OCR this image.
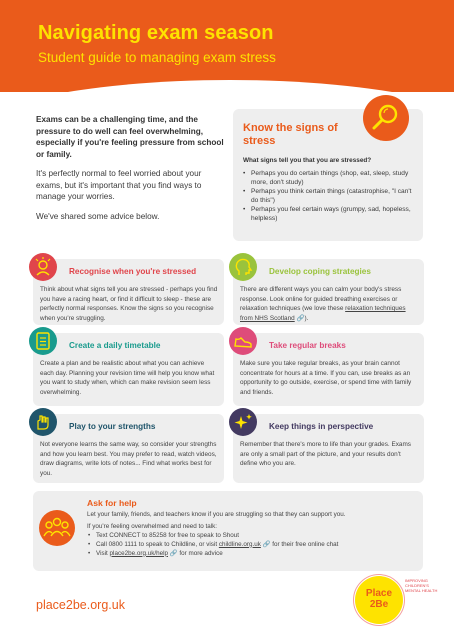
Navigating exam season
Student guide to managing exam stress

Exams can be a challenging time, and the pressure to do well can feel overwhelming, especially if you're feeling pressure from school or family.

It's perfectly normal to feel worried about your exams, but it's important that you find ways to manage your worries.

We've shared some advice below.

Know the signs of stress
What signs tell you that you are stressed?
• Perhaps you do certain things (shop, eat, sleep, study more, don't study)
• Perhaps you think certain things (catastrophise, "I can't do this")
• Perhaps you feel certain ways (grumpy, sad, hopeless, helpless)
Recognise when you're stressed
Think about what signs tell you are stressed - perhaps you find you have a racing heart, or find it difficult to sleep - these are perfectly normal responses. Know the signs so you recognise when you're struggling.
Develop coping strategies
There are different ways you can calm your body's stress response. Look online for guided breathing exercises or relaxation techniques (we love these relaxation techniques from NHS Scotland 🔗).
Create a daily timetable
Create a plan and be realistic about what you can achieve each day. Planning your revision time will help you know what you want to study when, which can make revision seem less overwhelming.
Take regular breaks
Make sure you take regular breaks, as your brain cannot concentrate for hours at a time. If you can, use breaks as an opportunity to go outside, exercise, or spend time with family and friends.
Play to your strengths
Not everyone learns the same way, so consider your strengths and how you learn best. You may prefer to read, watch videos, draw diagrams, write lots of notes... Find what works best for you.
Keep things in perspective
Remember that there's more to life than your grades. Exams are only a small part of the picture, and your results don't define who you are.
Ask for help
Let your family, friends, and teachers know if you are struggling so that they can support you.
If you're feeling overwhelmed and need to talk:
• Text CONNECT to 85258 for free to speak to Shout
• Call 0800 1111 to speak to Childline, or visit childline.org.uk 🔗 for their free online chat
• Visit place2be.org.uk/help 🔗 for more advice
place2be.org.uk
Place
2Be
IMPROVING CHILDREN'S MENTAL HEALTH
